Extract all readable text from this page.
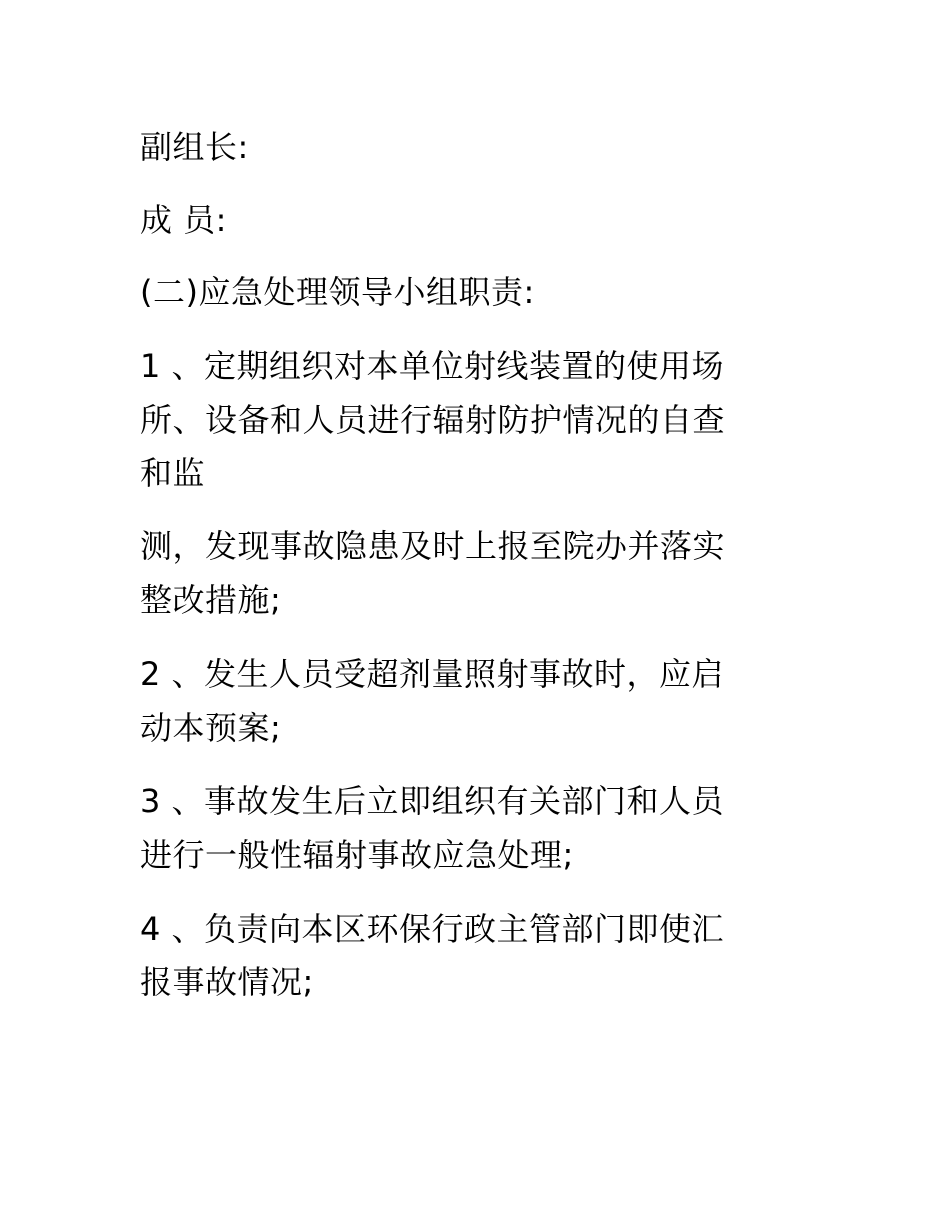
副组长:

成 员:

(二)应急处理领导小组职责:

1 、定期组织对本单位射线装置的使用场

所、设备和人员进行辐射防护情况的自查

和监

测，发现事故隐患及时上报至院办并落实

整改措施;

2 、发生人员受超剂量照射事故时，应启

动本预案;

3 、事故发生后立即组织有关部门和人员

进行一般性辐射事故应急处理;

4 、负责向本区环保行政主管部门即使汇

报事故情况;
